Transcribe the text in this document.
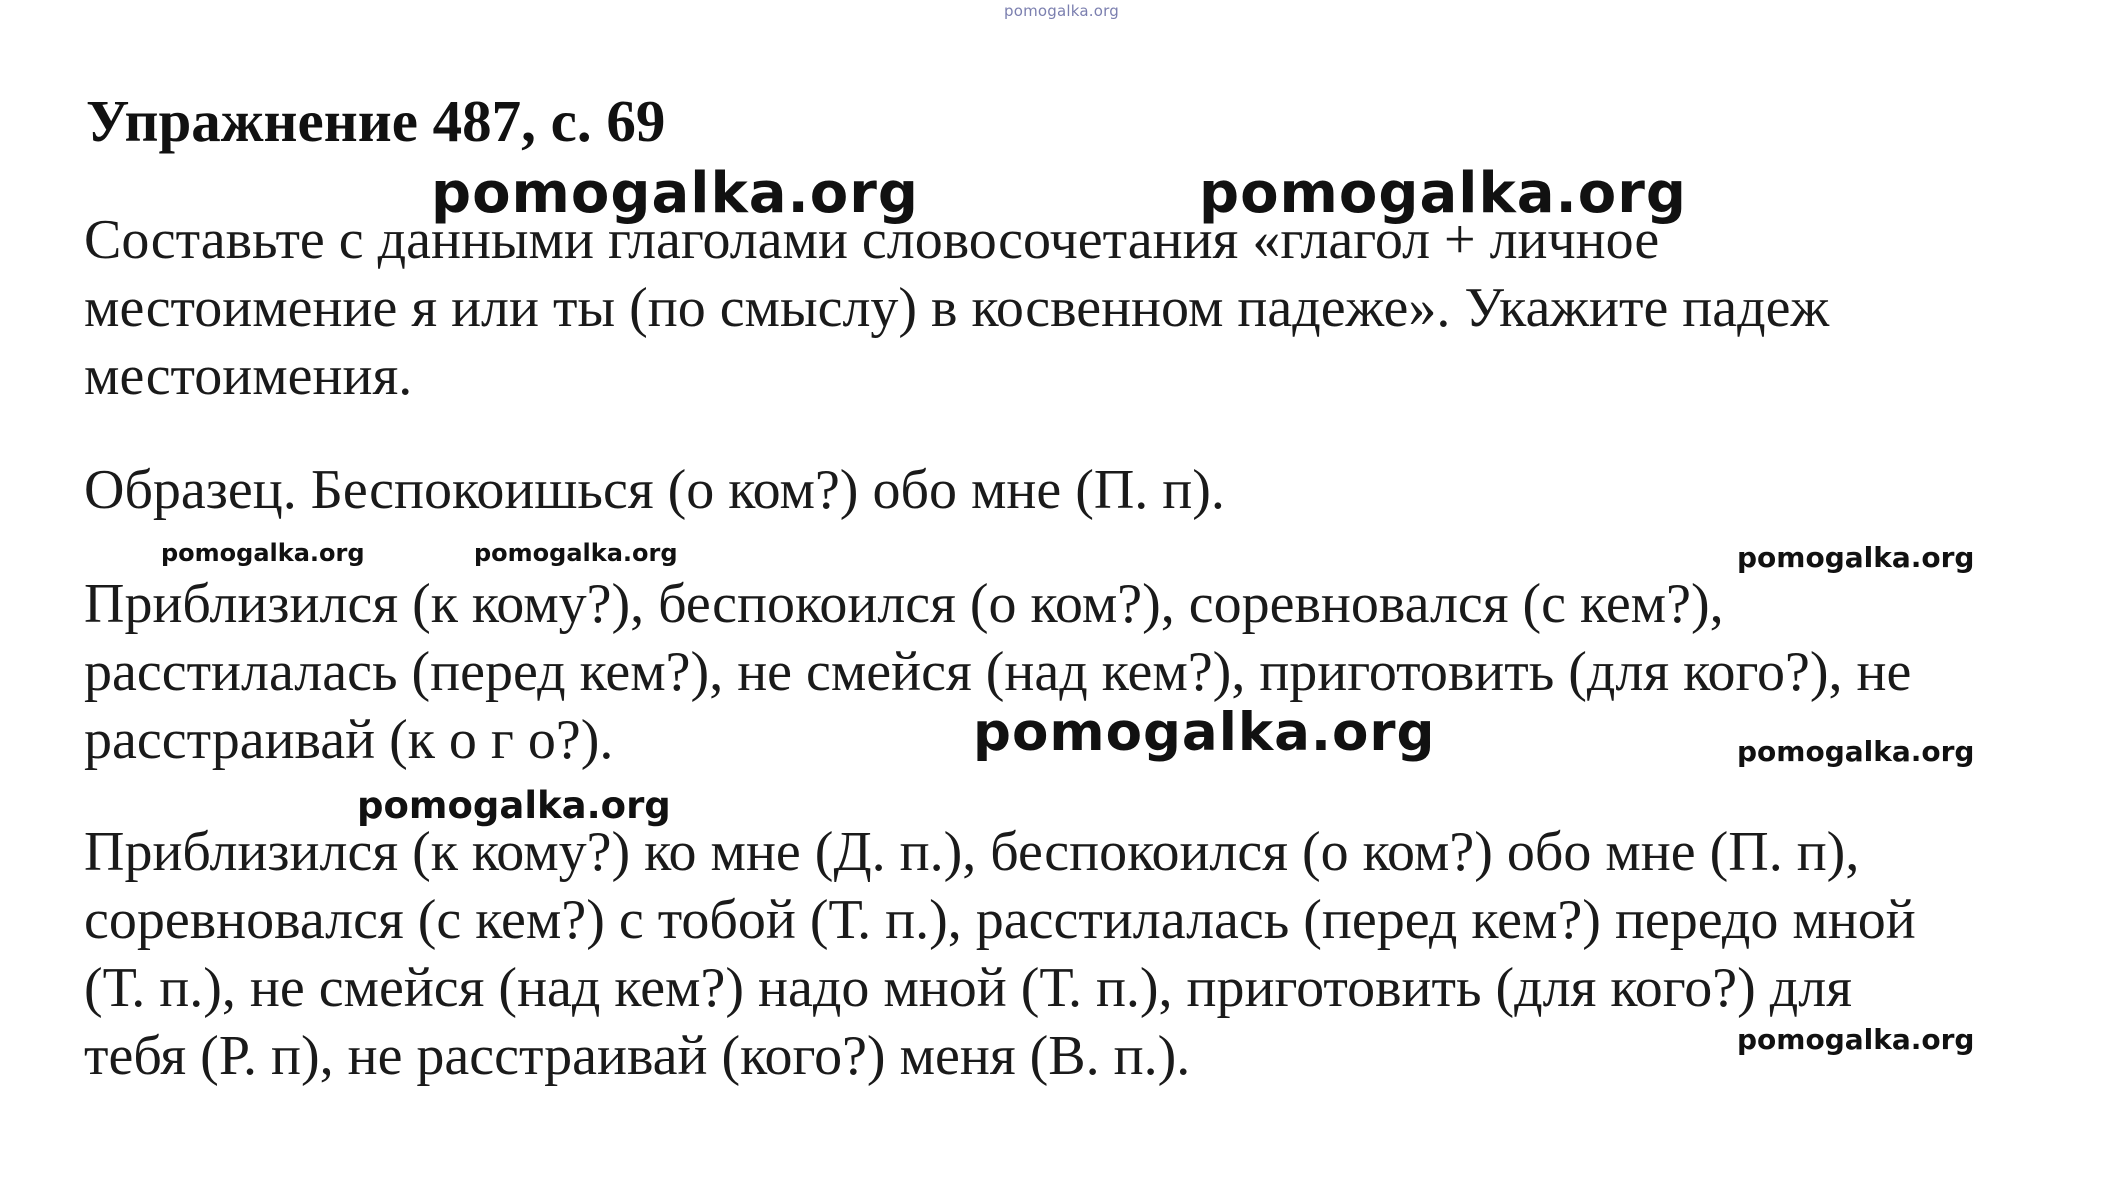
pomogalka.org
Упражнение 487, с. 69
pomogalka.org	pomogalka.org

Составьте с данными глаголами словосочетания «глагол + личное
местоимение я или ты (по смыслу) в косвенном падеже». Укажите падеж
местоимения.

Образец. Беспокоишься (о ком?) обо мне (П. п).

pomogalka.org	pomogalka.org	pomogalka.org

Приблизился (к кому?), беспокоился (о ком?), соревновался (с кем?),
расстилалась (перед кем?), не смейся (над кем?), приготовить (для кого?), не
расстраивай (к о г о?).	pomogalka.org	pomogalka.org
pomogalka.org

Приблизился (к кому?) ко мне (Д. п.), беспокоился (о ком?) обо мне (П. п),
соревновался (с кем?) с тобой (Т. п.), расстилалась (перед кем?) передо мной
(Т. п.), не смейся (над кем?) надо мной (Т. п.), приготовить (для кого?) для
тебя (Р. п), не расстраивай (кого?) меня (В. п.).	pomogalka.org
